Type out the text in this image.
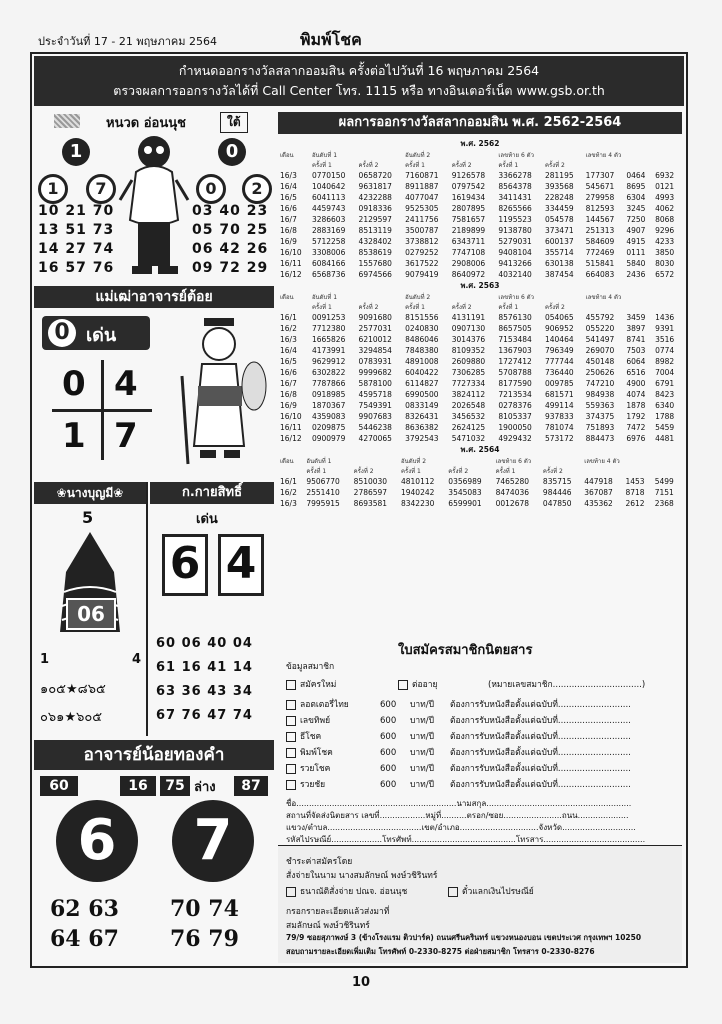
ประจำวันที่ 17 - 21 พฤษภาคม 2564	พิมพ์โชค
กำหนดออกรางวัลสลากออมสิน ครั้งต่อไปวันที่ 16 พฤษภาคม 2564
ตรวจผลการออกรางวัลได้ที่ Call Center โทร. 1115 หรือ ทางอินเตอร์เน็ต www.gsb.or.th
หนวด อ่อนนุช	ใต้
1	0
1	7	0	2
10 21 70
13 51 73
14 27 74
16 57 76
03 40 23
05 70 25
06 42 26
09 72 29
แม่เฒ่าอาจารย์ต้อย
0 เด่น
0 4
1 7
❀นางบุญมี❀
5
06
1	4
๑๐๕★๘๖๕
๐๖๑★๖๐๕
ก.กายสิทธิ์
เด่น
6 4
60 06 40 04
61 16 41 14
63 36 43 34
67 76 47 74
อาจารย์น้อยทองคำ
60	16	75 ล่าง	87
6	7
62 63
64 67
70 74
76 79
ผลการออกรางวัลสลากออมสิน พ.ศ. 2562-2564
พ.ศ. 2562									
เดือน	อันดับที่ 1		อันดับที่ 2		เลขท้าย 6 ตัว		เลขท้าย 4 ตัว		
	ครั้งที่ 1	ครั้งที่ 2	ครั้งที่ 1	ครั้งที่ 2	ครั้งที่ 1	ครั้งที่ 2			
16/3	0770150	0658720	7160871	9126578	3366278	281195	177307	0464	6932
16/4	1040642	9631817	8911887	0797542	8564378	393568	545671	8695	0121
16/5	6041113	4232288	4077047	1619434	3411431	228248	279958	6304	4993
16/6	4459743	0918336	9525305	2807895	8265566	334459	812593	3245	4062
16/7	3286603	2129597	2411756	7581657	1195523	054578	144567	7250	8068
16/8	2883169	8513119	3500787	2189899	9138780	373471	251313	4907	9296
16/9	5712258	4328402	3738812	6343711	5279031	600137	584609	4915	4233
16/10	3308006	8538619	0279252	7747108	9408104	355714	772469	0111	3850
16/11	6084166	1557680	3617522	2908006	9413266	630138	515841	5840	8030
16/12	6568736	6974566	9079419	8640972	4032140	387454	664083	2436	6572
พ.ศ. 2563									
เดือน	อันดับที่ 1		อันดับที่ 2		เลขท้าย 6 ตัว		เลขท้าย 4 ตัว		
	ครั้งที่ 1	ครั้งที่ 2	ครั้งที่ 1	ครั้งที่ 2	ครั้งที่ 1	ครั้งที่ 2			
16/1	0091253	9091680	8151556	4131191	8576130	054065	455792	3459	1436
16/2	7712380	2577031	0240830	0907130	8657505	906952	055220	3897	9391
16/3	1665826	6210012	8486046	3014376	7153484	140464	541497	8741	3516
16/4	4173991	3294854	7848380	8109352	1367903	796349	269070	7503	0774
16/5	9629912	0783931	4891008	2609880	1727412	777744	450148	6064	8982
16/6	6302822	9999682	6040422	7306285	5708788	736440	250626	6516	7004
16/7	7787866	5878100	6114827	7727334	8177590	009785	747210	4900	6791
16/8	0918985	4595718	6990500	3824112	7213534	681571	984938	4074	8423
16/9	1870367	7549391	0833149	2026548	0278376	499114	559363	1878	6340
16/10	4359083	9907683	8326431	3456532	8105337	937833	374375	1792	1788
16/11	0209875	5446238	8636382	2624125	1900050	781074	751893	7472	5459
16/12	0900979	4270065	3792543	5471032	4929432	573172	884473	6976	4481
พ.ศ. 2564									
เดือน	อันดับที่ 1		อันดับที่ 2		เลขท้าย 6 ตัว		เลขท้าย 4 ตัว		
	ครั้งที่ 1	ครั้งที่ 2	ครั้งที่ 1	ครั้งที่ 2	ครั้งที่ 1	ครั้งที่ 2			
16/1	9506770	8510030	4810112	0356989	7465280	835715	447918	1453	5499
16/2	2551410	2786597	1940242	3545083	8474036	984446	367087	8718	7151
16/3	7995915	8693581	8342230	6599901	0012678	047850	435362	2612	2368
ใบสมัครสมาชิกนิตยสาร
ข้อมูลสมาชิก
สมัครใหม่	ต่ออายุ	(หมายเลขสมาชิก.................................)
ลอตเตอรี่ไทย	600 บาท/ปี ต้องการรับหนังสือตั้งแต่ฉบับที่...........................
เลขทิพย์	600 บาท/ปี ต้องการรับหนังสือตั้งแต่ฉบับที่...........................
ธีโชค	600 บาท/ปี ต้องการรับหนังสือตั้งแต่ฉบับที่...........................
พิมพ์โชค	600 บาท/ปี ต้องการรับหนังสือตั้งแต่ฉบับที่...........................
รวยโชค	600 บาท/ปี ต้องการรับหนังสือตั้งแต่ฉบับที่...........................
รวยชัย	600 บาท/ปี ต้องการรับหนังสือตั้งแต่ฉบับที่...........................
ชื่อ...............................................................นามสกุล.........................................................
สถานที่จัดส่งนิตยสาร เลขที่..................หมู่ที่..........ตรอก/ซอย.......................ถนน....................
แขวง/ตำบล.....................................เขต/อำเภอ...............................จังหวัด.............................
รหัสไปรษณีย์....................โทรศัพท์.........................................โทรสาร........................................
ชำระค่าสมัครโดย
สั่งจ่ายในนาม นางสมลักษณ์ พงษ์วชิรินทร์
ธนาณัติสั่งจ่าย ปณจ. อ่อนนุช	ตั๋วแลกเงินไปรษณีย์
กรอกรายละเอียดแล้วส่งมาที่
สมลักษณ์ พงษ์วชิรินทร์
79/9 ซอยสุภาพงษ์ 3 (ข้างโรงแรม ติวปาร์ค) ถนนศรีนครินทร์ แขวงหนองบอน เขตประเวศ กรุงเทพฯ 10250
สอบถามรายละเอียดเพิ่มเติม โทรศัพท์ 0-2330-8275 ต่อฝ่ายสมาชิก โทรสาร 0-2330-8276
10
